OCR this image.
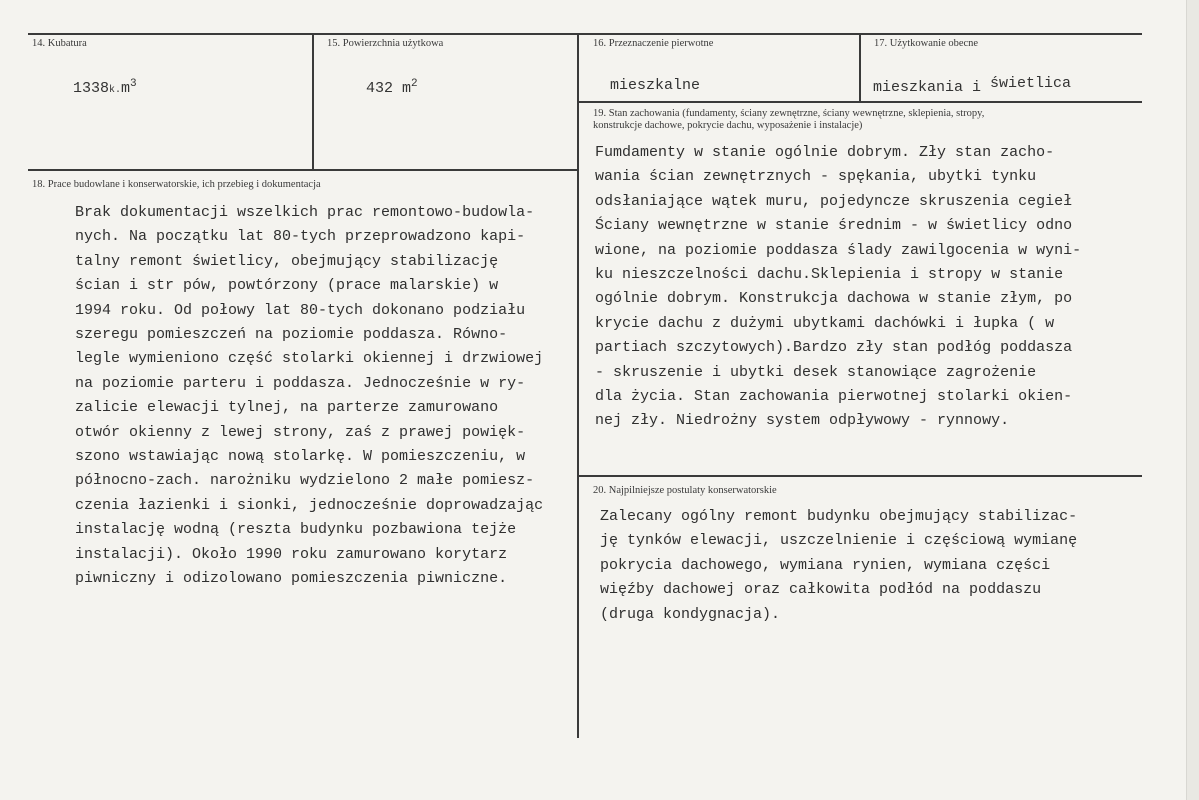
14. Kubatura
$1338k.m^3$
15. Powierzchnia użytkowa
432 $m^2$
16. Przeznaczenie pierwotne
mieszkalne
17. Użytkowanie obecne
mieszkania i świetlica
19. Stan zachowania (fundamenty, ściany zewnętrzne, ściany wewnętrzne, sklepienia, stropy,
konstrukcje dachowe, pokrycie dachu, wyposażenie i instalacje)
Fumdamenty w stanie ogólnie dobrym. Zły stan zacho-
wania ścian zewnętrznych - spękania, ubytki tynku
odsłaniające wątek muru, pojedyncze skruszenia cegieł
Ściany wewnętrzne w stanie średnim - w świetlicy odno
wione, na poziomie poddasza ślady zawilgocenia w wyni-
ku nieszczelności dachu.Sklepienia i stropy w stanie
ogólnie dobrym. Konstrukcja dachowa w stanie złym, po
krycie dachu z dużymi ubytkami dachówki i łupka ( w
partiach szczytowych).Bardzo zły stan podłóg poddasza
- skruszenie i ubytki desek stanowiące zagrożenie
dla życia. Stan zachowania pierwotnej stolarki okien-
nej zły. Niedrożny system odpływowy - rynnowy.
18. Prace budowlane i konserwatorskie, ich przebieg i dokumentacja
Brak dokumentacji wszelkich prac remontowo-budowla-
nych. Na początku lat 80-tych przeprowadzono kapi-
talny remont świetlicy, obejmujący stabilizację
ścian i str pów, powtórzony (prace malarskie) w
1994 roku. Od połowy lat 80-tych dokonano podziału
szeregu pomieszczeń na poziomie poddasza. Równo-
legle wymieniono część stolarki okiennej i drzwiowej
na poziomie parteru i poddasza. Jednocześnie w ry-
zalicie elewacji tylnej, na parterze zamurowano
otwór okienny z lewej strony, zaś z prawej powięk-
szono wstawiając nową stolarkę. W pomieszczeniu, w
północno-zach. narożniku wydzielono 2 małe pomiesz-
czenia łazienki i sionki, jednocześnie doprowadzając
instalację wodną (reszta budynku pozbawiona tejże
instalacji). Około 1990 roku zamurowano korytarz
piwniczny i odizolowano pomieszczenia piwniczne.
20. Najpilniejsze postulaty konserwatorskie
Zalecany ogólny remont budynku obejmujący stabilizac-
ję tynków elewacji, uszczelnienie i częściową wymianę
pokrycia dachowego, wymiana rynien, wymiana części
więźby dachowej oraz całkowita podłód na poddaszu
(druga kondygnacja).
